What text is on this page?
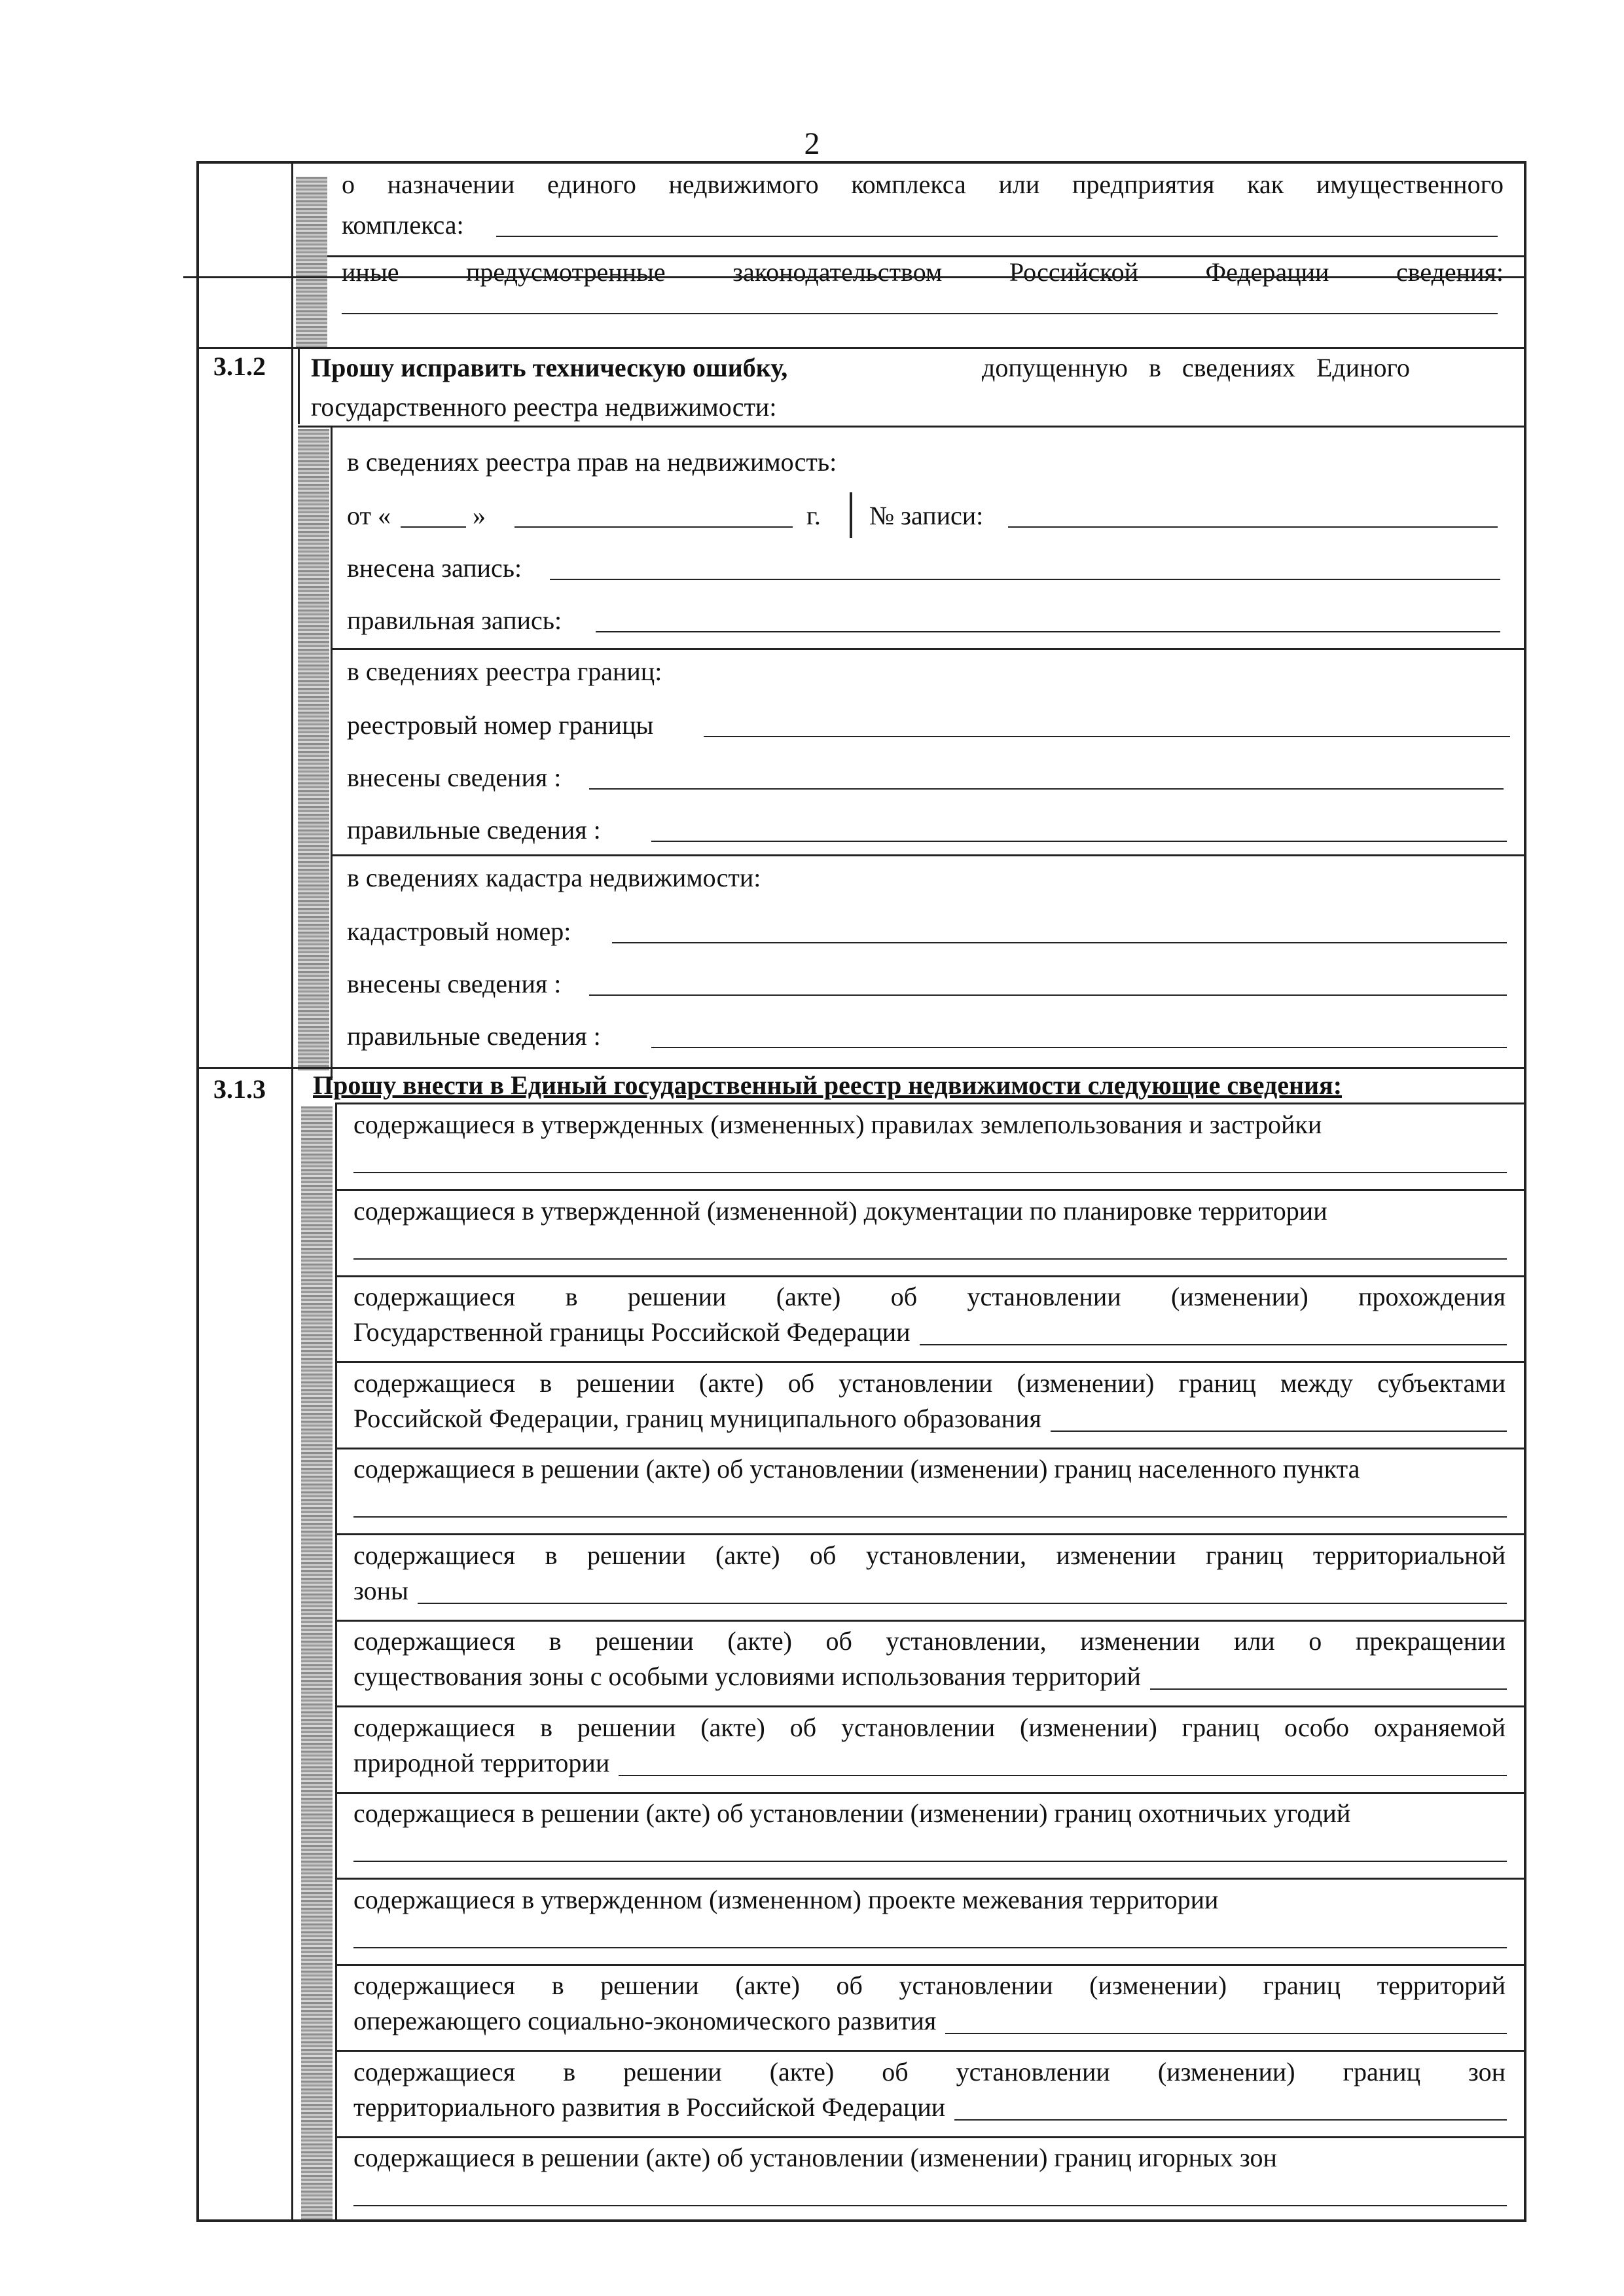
2
о назначении единого недвижимого комплекса или предприятия как имущественного
комплекса:
иные предусмотренные законодательством Российской Федерации сведения:
3.1.2 Прошу исправить техническую ошибку,	допущенную в сведениях Единого
государственного реестра недвижимости:
в сведениях реестра прав на недвижимость:
от «	»	г. № записи:
внесена запись:
правильная запись:
в сведениях реестра границ:
реестровый номер границы
внесены сведения :
правильные сведения :
в сведениях кадастра недвижимости:
кадастровый номер:
внесены сведения :
правильные сведения :
3.1.3 Прошу внести в Единый государственный реестр недвижимости следующие сведения:
содержащиеся в утвержденных (измененных) правилах землепользования и застройки
содержащиеся в утвержденной (измененной) документации по планировке территории
содержащиеся в решении (акте) об установлении (изменении) прохождения
Государственной границы Российской Федерации
содержащиеся в решении (акте) об установлении (изменении) границ между субъектами
Российской Федерации, границ муниципального образования
содержащиеся в решении (акте) об установлении (изменении) границ населенного пункта
содержащиеся в решении (акте) об установлении, изменении границ территориальной
зоны
содержащиеся в решении (акте) об установлении, изменении или о прекращении
существования зоны с особыми условиями использования территорий
содержащиеся в решении (акте) об установлении (изменении) границ особо охраняемой
природной территории
содержащиеся в решении (акте) об установлении (изменении) границ охотничьих угодий
содержащиеся в утвержденном (измененном) проекте межевания территории
содержащиеся в решении (акте) об установлении (изменении) границ территорий
опережающего социально-экономического развития
содержащиеся в решении (акте) об установлении (изменении) границ зон
территориального развития в Российской Федерации
содержащиеся в решении (акте) об установлении (изменении) границ игорных зон
